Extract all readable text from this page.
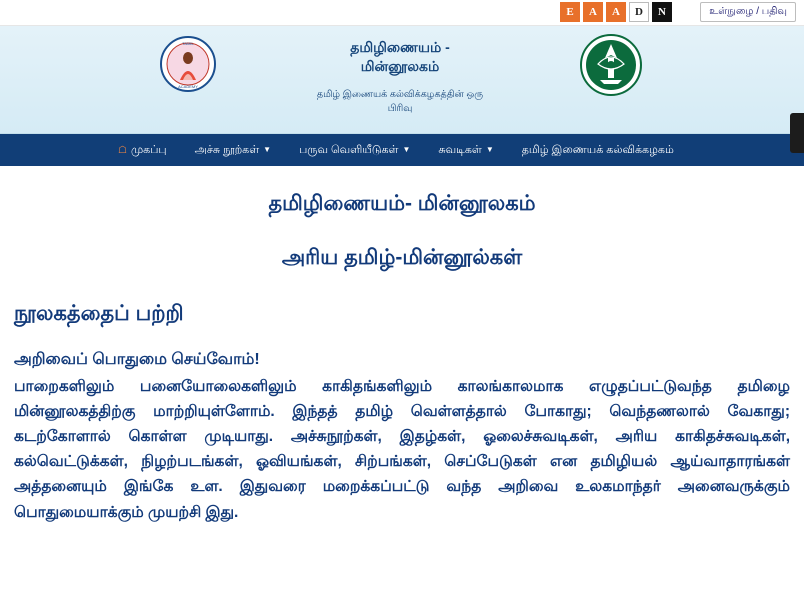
E	A	A	D	N	உள்நுழை / பதிவு
TAMIL
ACADEMY
தமிழிணையம் -
மின்னூலகம்
தமிழ் இணையக் கல்விக்கழகத்தின் ஒரு
பிரிவு
☖ முகப்பு	அச்சு நூற்கள் ▼	பருவ வெளியீடுகள் ▼	சுவடிகள் ▼	தமிழ் இணையக் கல்விக்கழகம்
தமிழிணையம்- மின்னூலகம்
அரிய தமிழ்-மின்னூல்கள்
நூலகத்தைப் பற்றி
அறிவைப் பொதுமை செய்வோம்!
பாறைகளிலும் பனையோலைகளிலும் காகிதங்களிலும் காலங்காலமாக எழுதப்பட்டுவந்த தமிழை மின்னூலகத்திற்கு மாற்றியுள்ளோம். இந்தத் தமிழ் வெள்ளத்தால் போகாது; வெந்தணலால் வேகாது; கடற்கோளால் கொள்ள முடியாது. அச்சுநூற்கள், இதழ்கள், ஓலைச்சுவடிகள், அரிய காகிதச்சுவடிகள், கல்வெட்டுக்கள், நிழற்படங்கள், ஓவியங்கள், சிற்பங்கள், செப்பேடுகள் என தமிழியல் ஆய்வாதாரங்கள் அத்தனையும் இங்கே உள. இதுவரை மறைக்கப்பட்டு வந்த அறிவை உலகமாந்தர் அனைவருக்கும் பொதுமையாக்கும் முயற்சி இது.
